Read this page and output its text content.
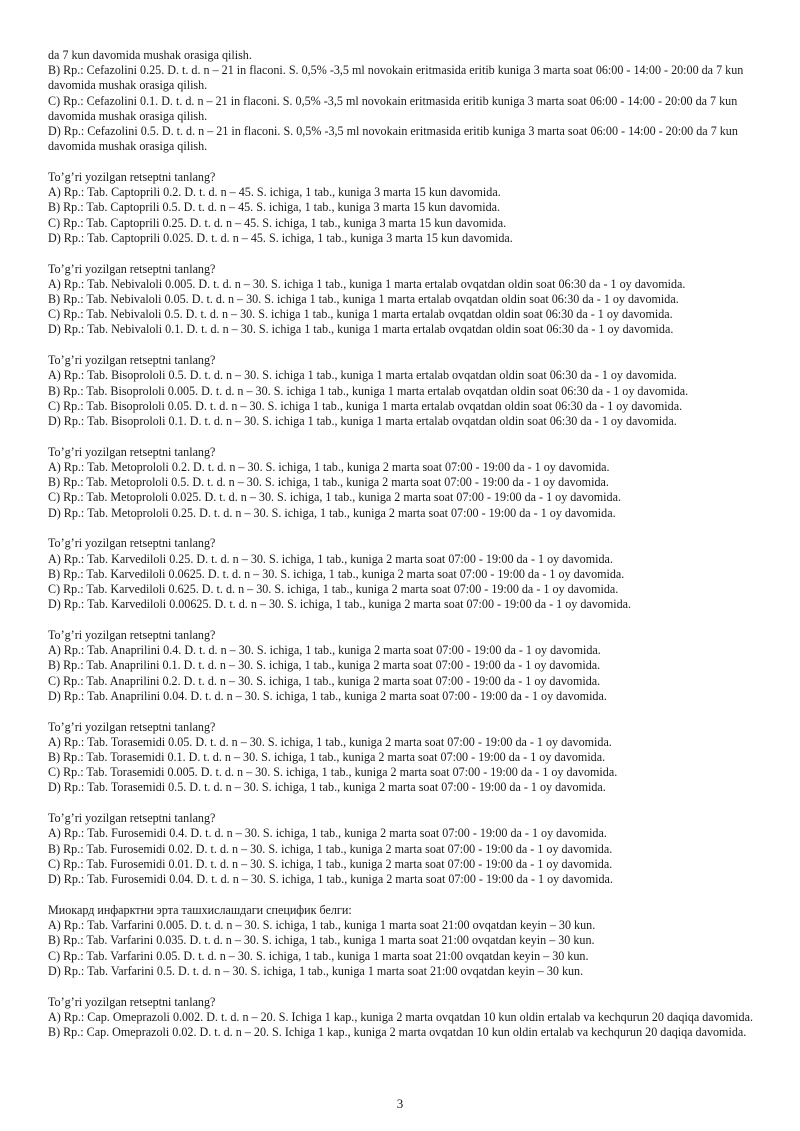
da 7 kun davomida mushak orasiga qilish.
B) Rp.: Cefazolini 0.25. D. t. d. n – 21 in flaconi. S. 0,5% -3,5 ml novokain eritmasida eritib kuniga 3 marta soat 06:00 - 14:00 - 20:00 da 7 kun davomida mushak orasiga qilish.
C) Rp.: Cefazolini 0.1. D. t. d. n – 21 in flaconi. S. 0,5% -3,5 ml novokain eritmasida eritib kuniga 3 marta soat 06:00 - 14:00 - 20:00 da 7 kun davomida mushak orasiga qilish.
D) Rp.: Cefazolini 0.5. D. t. d. n – 21 in flaconi. S. 0,5% -3,5 ml novokain eritmasida eritib kuniga 3 marta soat 06:00 - 14:00 - 20:00 da 7 kun davomida mushak orasiga qilish.
To’g’ri yozilgan retseptni tanlang?
A) Rp.: Tab. Captoprili 0.2. D. t. d. n – 45. S. ichiga, 1 tab., kuniga 3 marta 15 kun davomida.
B) Rp.: Tab. Captoprili 0.5. D. t. d. n – 45. S. ichiga, 1 tab., kuniga 3 marta 15 kun davomida.
C) Rp.: Tab. Captoprili 0.25. D. t. d. n – 45. S. ichiga, 1 tab., kuniga 3 marta 15 kun davomida.
D) Rp.: Tab. Captoprili 0.025. D. t. d. n – 45. S. ichiga, 1 tab., kuniga 3 marta 15 kun davomida.
To’g’ri yozilgan retseptni tanlang?
A) Rp.: Tab. Nebivaloli 0.005. D. t. d. n – 30. S. ichiga 1 tab., kuniga 1 marta ertalab ovqatdan oldin soat 06:30 da - 1 oy davomida.
B) Rp.: Tab. Nebivaloli 0.05. D. t. d. n – 30. S. ichiga 1 tab., kuniga 1 marta ertalab ovqatdan oldin soat 06:30 da - 1 oy davomida.
C) Rp.: Tab. Nebivaloli 0.5. D. t. d. n – 30. S. ichiga 1 tab., kuniga 1 marta ertalab ovqatdan oldin soat 06:30 da - 1 oy davomida.
D) Rp.: Tab. Nebivaloli 0.1. D. t. d. n – 30. S. ichiga 1 tab., kuniga 1 marta ertalab ovqatdan oldin soat 06:30 da - 1 oy davomida.
To’g’ri yozilgan retseptni tanlang?
A) Rp.: Tab. Bisoprololi 0.5. D. t. d. n – 30. S. ichiga 1 tab., kuniga 1 marta ertalab ovqatdan oldin soat 06:30 da - 1 oy davomida.
B) Rp.: Tab. Bisoprololi 0.005. D. t. d. n – 30. S. ichiga 1 tab., kuniga 1 marta ertalab ovqatdan oldin soat 06:30 da - 1 oy davomida.
C) Rp.: Tab. Bisoprololi 0.05. D. t. d. n – 30. S. ichiga 1 tab., kuniga 1 marta ertalab ovqatdan oldin soat 06:30 da - 1 oy davomida.
D) Rp.: Tab. Bisoprololi 0.1. D. t. d. n – 30. S. ichiga 1 tab., kuniga 1 marta ertalab ovqatdan oldin soat 06:30 da - 1 oy davomida.
To’g’ri yozilgan retseptni tanlang?
A) Rp.: Tab. Metoprololi 0.2. D. t. d. n – 30. S. ichiga, 1 tab., kuniga 2 marta soat 07:00 - 19:00 da - 1 oy davomida.
B) Rp.: Tab. Metoprololi 0.5. D. t. d. n – 30. S. ichiga, 1 tab., kuniga 2 marta soat 07:00 - 19:00 da - 1 oy davomida.
C) Rp.: Tab. Metoprololi 0.025. D. t. d. n – 30. S. ichiga, 1 tab., kuniga 2 marta soat 07:00 - 19:00 da - 1 oy davomida.
D) Rp.: Tab. Metoprololi 0.25. D. t. d. n – 30. S. ichiga, 1 tab., kuniga 2 marta soat 07:00 - 19:00 da - 1 oy davomida.
To’g’ri yozilgan retseptni tanlang?
A) Rp.: Tab. Karvediloli 0.25. D. t. d. n – 30. S. ichiga, 1 tab., kuniga 2 marta soat 07:00 - 19:00 da - 1 oy davomida.
B) Rp.: Tab. Karvediloli 0.0625. D. t. d. n – 30. S. ichiga, 1 tab., kuniga 2 marta soat 07:00 - 19:00 da - 1 oy davomida.
C) Rp.: Tab. Karvediloli 0.625. D. t. d. n – 30. S. ichiga, 1 tab., kuniga 2 marta soat 07:00 - 19:00 da - 1 oy davomida.
D) Rp.: Tab. Karvediloli 0.00625. D. t. d. n – 30. S. ichiga, 1 tab., kuniga 2 marta soat 07:00 - 19:00 da - 1 oy davomida.
To’g’ri yozilgan retseptni tanlang?
A) Rp.: Tab. Anaprilini 0.4. D. t. d. n – 30. S. ichiga, 1 tab., kuniga 2 marta soat 07:00 - 19:00 da - 1 oy davomida.
B) Rp.: Tab. Anaprilini 0.1. D. t. d. n – 30. S. ichiga, 1 tab., kuniga 2 marta soat 07:00 - 19:00 da - 1 oy davomida.
C) Rp.: Tab. Anaprilini 0.2. D. t. d. n – 30. S. ichiga, 1 tab., kuniga 2 marta soat 07:00 - 19:00 da - 1 oy davomida.
D) Rp.: Tab. Anaprilini 0.04. D. t. d. n – 30. S. ichiga, 1 tab., kuniga 2 marta soat 07:00 - 19:00 da - 1 oy davomida.
To’g’ri yozilgan retseptni tanlang?
A) Rp.: Tab. Torasemidi 0.05. D. t. d. n – 30. S. ichiga, 1 tab., kuniga 2 marta soat 07:00 - 19:00 da - 1 oy davomida.
B) Rp.: Tab. Torasemidi 0.1. D. t. d. n – 30. S. ichiga, 1 tab., kuniga 2 marta soat 07:00 - 19:00 da - 1 oy davomida.
C) Rp.: Tab. Torasemidi 0.005. D. t. d. n – 30. S. ichiga, 1 tab., kuniga 2 marta soat 07:00 - 19:00 da - 1 oy davomida.
D) Rp.: Tab. Torasemidi 0.5. D. t. d. n – 30. S. ichiga, 1 tab., kuniga 2 marta soat 07:00 - 19:00 da - 1 oy davomida.
To’g’ri yozilgan retseptni tanlang?
A) Rp.: Tab. Furosemidi 0.4. D. t. d. n – 30. S. ichiga, 1 tab., kuniga 2 marta soat 07:00 - 19:00 da - 1 oy davomida.
B) Rp.: Tab. Furosemidi 0.02. D. t. d. n – 30. S. ichiga, 1 tab., kuniga 2 marta soat 07:00 - 19:00 da - 1 oy davomida.
C) Rp.: Tab. Furosemidi 0.01. D. t. d. n – 30. S. ichiga, 1 tab., kuniga 2 marta soat 07:00 - 19:00 da - 1 oy davomida.
D) Rp.: Tab. Furosemidi 0.04. D. t. d. n – 30. S. ichiga, 1 tab., kuniga 2 marta soat 07:00 - 19:00 da - 1 oy davomida.
Миокард инфарктни эрта ташхислашдаги специфик белги:
A) Rp.: Tab. Varfarini 0.005. D. t. d. n – 30. S. ichiga, 1 tab., kuniga 1 marta soat 21:00 ovqatdan keyin – 30 kun.
B) Rp.: Tab. Varfarini 0.035. D. t. d. n – 30. S. ichiga, 1 tab., kuniga 1 marta soat 21:00 ovqatdan keyin – 30 kun.
C) Rp.: Tab. Varfarini 0.05. D. t. d. n – 30. S. ichiga, 1 tab., kuniga 1 marta soat 21:00 ovqatdan keyin – 30 kun.
D) Rp.: Tab. Varfarini 0.5. D. t. d. n – 30. S. ichiga, 1 tab., kuniga 1 marta soat 21:00 ovqatdan keyin – 30 kun.
To’g’ri yozilgan retseptni tanlang?
A) Rp.: Cap. Omeprazoli 0.002. D. t. d. n – 20. S. Ichiga 1 kap., kuniga 2 marta ovqatdan 10 kun oldin ertalab va kechqurun 20 daqiqa davomida.
B) Rp.: Cap. Omeprazoli 0.02. D. t. d. n – 20. S. Ichiga 1 kap., kuniga 2 marta ovqatdan 10 kun oldin ertalab va kechqurun 20 daqiqa davomida.
3
